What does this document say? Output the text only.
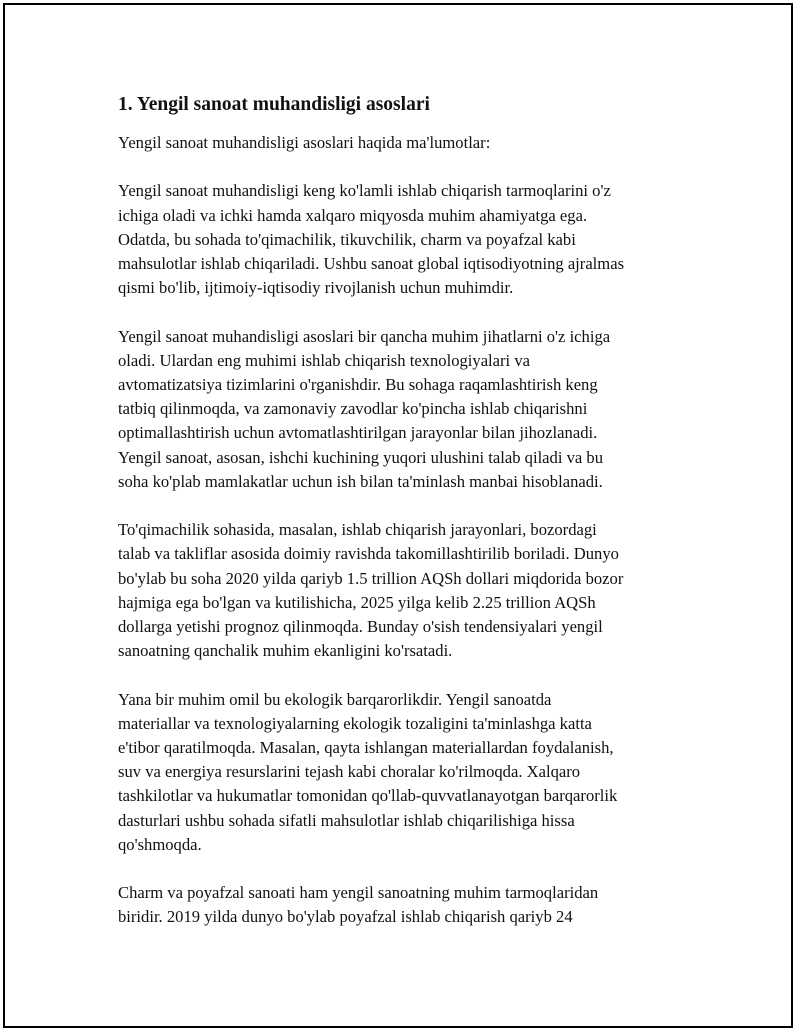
1. Yengil sanoat muhandisligi asoslari

Yengil sanoat muhandisligi asoslari haqida ma'lumotlar:

Yengil sanoat muhandisligi keng ko'lamli ishlab chiqarish tarmoqlarini o'z
ichiga oladi va ichki hamda xalqaro miqyosda muhim ahamiyatga ega.
Odatda, bu sohada to'qimachilik, tikuvchilik, charm va poyafzal kabi
mahsulotlar ishlab chiqariladi. Ushbu sanoat global iqtisodiyotning ajralmas
qismi bo'lib, ijtimoiy-iqtisodiy rivojlanish uchun muhimdir.

Yengil sanoat muhandisligi asoslari bir qancha muhim jihatlarni o'z ichiga
oladi. Ulardan eng muhimi ishlab chiqarish texnologiyalari va
avtomatizatsiya tizimlarini o'rganishdir. Bu sohaga raqamlashtirish keng
tatbiq qilinmoqda, va zamonaviy zavodlar ko'pincha ishlab chiqarishni
optimallashtirish uchun avtomatlashtirilgan jarayonlar bilan jihozlanadi.
Yengil sanoat, asosan, ishchi kuchining yuqori ulushini talab qiladi va bu
soha ko'plab mamlakatlar uchun ish bilan ta'minlash manbai hisoblanadi.

To'qimachilik sohasida, masalan, ishlab chiqarish jarayonlari, bozordagi
talab va takliflar asosida doimiy ravishda takomillashtirilib boriladi. Dunyo
bo'ylab bu soha 2020 yilda qariyb 1.5 trillion AQSh dollari miqdorida bozor
hajmiga ega bo'lgan va kutilishicha, 2025 yilga kelib 2.25 trillion AQSh
dollarga yetishi prognoz qilinmoqda. Bunday o'sish tendensiyalari yengil
sanoatning qanchalik muhim ekanligini ko'rsatadi.

Yana bir muhim omil bu ekologik barqarorlikdir. Yengil sanoatda
materiallar va texnologiyalarning ekologik tozaligini ta'minlashga katta
e'tibor qaratilmoqda. Masalan, qayta ishlangan materiallardan foydalanish,
suv va energiya resurslarini tejash kabi choralar ko'rilmoqda. Xalqaro
tashkilotlar va hukumatlar tomonidan qo'llab-quvvatlanayotgan barqarorlik
dasturlari ushbu sohada sifatli mahsulotlar ishlab chiqarilishiga hissa
qo'shmoqda.

Charm va poyafzal sanoati ham yengil sanoatning muhim tarmoqlaridan
biridir. 2019 yilda dunyo bo'ylab poyafzal ishlab chiqarish qariyb 24
